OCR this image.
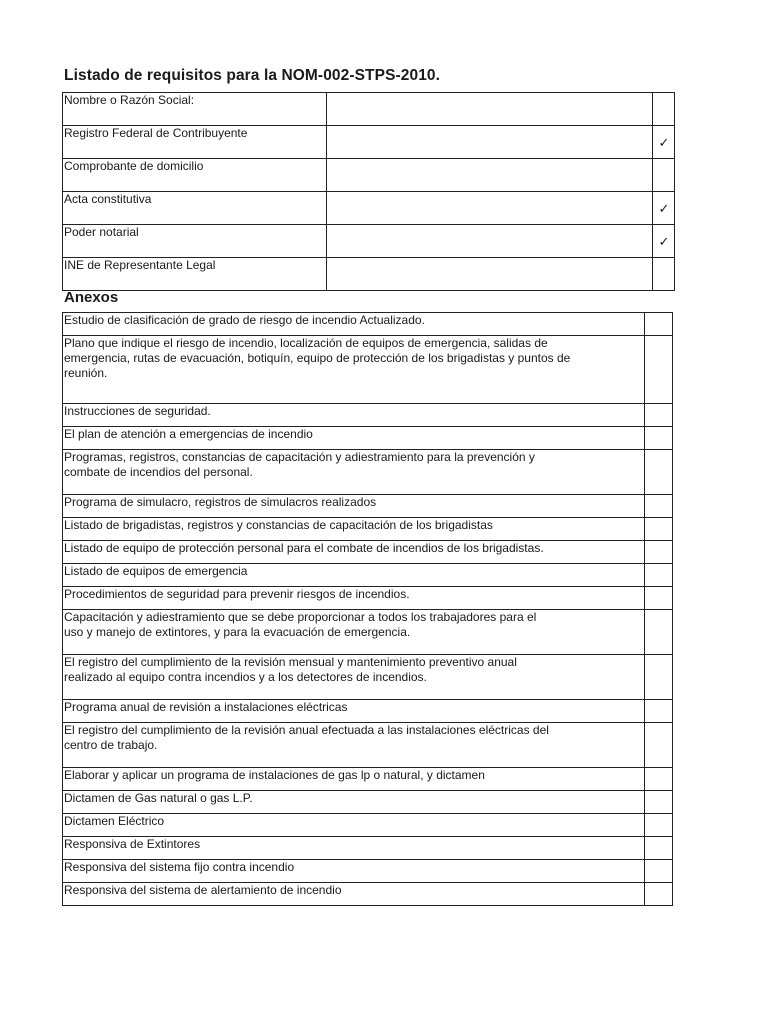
Listado de requisitos para la NOM-002-STPS-2010.
Nombre o Razón Social:		
Registro Federal de Contribuyente		✓
Comprobante de domicilio		
Acta constitutiva		✓
Poder notarial		✓
INE de Representante Legal		
Anexos
Estudio de clasificación de grado de riesgo de incendio Actualizado.	
Plano que indique el riesgo de incendio, localización de equipos de emergencia, salidas de
emergencia, rutas de evacuación, botiquín, equipo de protección de los brigadistas y puntos de
reunión.	
Instrucciones de seguridad.	
El plan de atención a emergencias de incendio	
Programas, registros, constancias de capacitación y adiestramiento para la prevención y
combate de incendios del personal.	
Programa de simulacro, registros de simulacros realizados	
Listado de brigadistas, registros y constancias de capacitación de los brigadistas	
Listado de equipo de protección personal para el combate de incendios de los brigadistas.	
Listado de equipos de emergencia	
Procedimientos de seguridad para prevenir riesgos de incendios.	
Capacitación y adiestramiento que se debe proporcionar a todos los trabajadores para el
uso y manejo de extintores, y para la evacuación de emergencia.	
El registro del cumplimiento de la revisión mensual y mantenimiento preventivo anual
realizado al equipo contra incendios y a los detectores de incendios.	
Programa anual de revisión a instalaciones eléctricas	
El registro del cumplimiento de la revisión anual efectuada a las instalaciones eléctricas del
centro de trabajo.	
Elaborar y aplicar un programa de instalaciones de gas lp o natural, y dictamen	
Dictamen de Gas natural o gas L.P.	
Dictamen Eléctrico	
Responsiva de Extintores	
Responsiva del sistema fijo contra incendio	
Responsiva del sistema de alertamiento de incendio	
